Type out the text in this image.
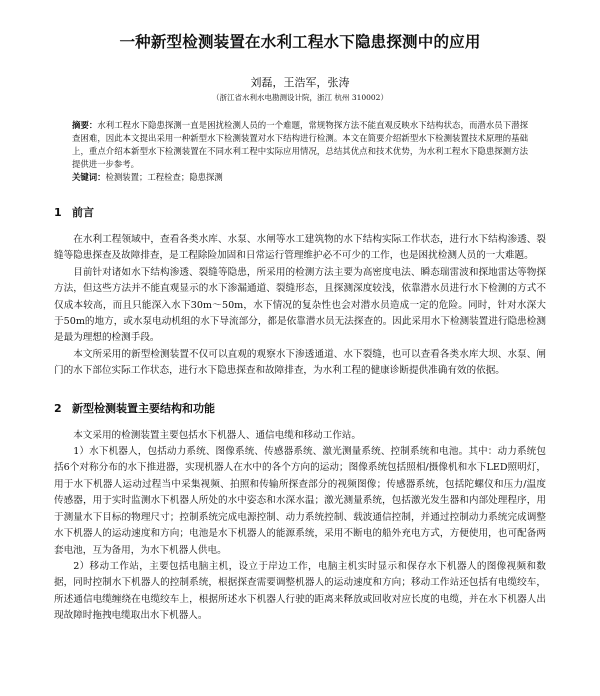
一种新型检测装置在水利工程水下隐患探测中的应用
刘磊，王浩军，张涛
（浙江省水利水电勘测设计院，浙江 杭州 310002）
摘要：水利工程水下隐患探测一直是困扰检测人员的一个难题，常规物探方法不能直观反映水下结构状态，而潜水员下潜探查困难，因此本文提出采用一种新型水下检测装置对水下结构进行检测。本文在简要介绍新型水下检测装置技术原理的基础上，重点介绍本新型水下检测装置在不同水利工程中实际应用情况，总结其优点和技术优势，为水利工程水下隐患探测方法提供进一步参考。
关键词：检测装置；工程检查；隐患探测
1 前言

在水利工程领域中，查看各类水库、水泵、水闸等水工建筑物的水下结构实际工作状态，进行水下结构渗透、裂缝等隐患探查及故障排查，是工程除险加固和日常运行管理维护必不可少的工作，也是困扰检测人员的一大难题。

目前针对诸如水下结构渗透、裂缝等隐患，所采用的检测方法主要为高密度电法、瞬态瑞雷波和探地雷达等物探方法，但这些方法并不能直观显示的水下渗漏通道、裂缝形态，且探测深度较浅，依靠潜水员进行水下检测的方式不仅成本较高，而且只能深入水下30m～50m，水下情况的复杂性也会对潜水员造成一定的危险。同时，针对水深大于50m的地方，或水泵电动机组的水下导流部分，都是依靠潜水员无法探查的。因此采用水下检测装置进行隐患检测是最为理想的检测手段。

本文所采用的新型检测装置不仅可以直观的观察水下渗透通道、水下裂缝，也可以查看各类水库大坝、水泵、闸门的水下部位实际工作状态，进行水下隐患探查和故障排查，为水利工程的健康诊断提供准确有效的依据。

2 新型检测装置主要结构和功能

本文采用的检测装置主要包括水下机器人、通信电缆和移动工作站。

1）水下机器人，包括动力系统、图像系统、传感器系统、激光测量系统、控制系统和电池。其中：动力系统包括6个对称分布的水下推进器，实现机器人在水中的各个方向的运动；图像系统包括照相/摄像机和水下LED照明灯，用于水下机器人运动过程当中采集视频、拍照和传输所探查部分的视频图像；传感器系统，包括陀螺仪和压力/温度传感器，用于实时监测水下机器人所处的水中姿态和水深水温；激光测量系统，包括激光发生器和内部处理程序，用于测量水下目标的物理尺寸；控制系统完成电源控制、动力系统控制、载波通信控制，并通过控制动力系统完成调整水下机器人的运动速度和方向；电池是水下机器人的能源系统，采用不断电的船外充电方式，方便使用，也可配备两套电池，互为备用，为水下机器人供电。

2）移动工作站，主要包括电脑主机，设立于岸边工作，电脑主机实时显示和保存水下机器人的图像视频和数据，同时控制水下机器人的控制系统，根据探查需要调整机器人的运动速度和方向；移动工作站还包括有电缆绞车，所述通信电缆缠绕在电缆绞车上，根据所述水下机器人行驶的距离来释放或回收对应长度的电缆，并在水下机器人出现故障时拖拽电缆取出水下机器人。
